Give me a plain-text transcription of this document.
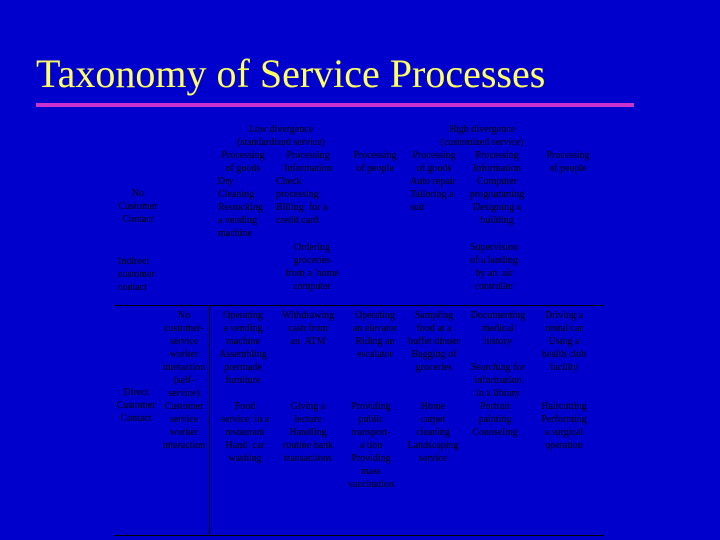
Taxonomy of Service Processes
Low divergence
(standardized service)
High divergence
(customized service)
Processing
of goods
Processing
Information
Processing
of people
Processing
of goods
Processing
Information
Processing
of people
No
Customer
Contact
Indirect
customer
contact
Direct
Customer
Contact
No
customer-
service
worker
interaction
(self-
service)
Customer
service
worker
interaction
Dry
Cleaning
Restocking
a vending
machine
Check
processing
Billing  for a
credit card
Auto repair
Tailoring a
suit
Computer
programming
Designing a
building
Ordering
groceries
from a  home
computer
Supervision
of a landing
by an  air
controller
Operating
a vending
machine
Assembling
prermade
furniture
Withdrawing
cash from
an  ATM
Operating
an elevator
Riding an
escalator
Sampling
food at a
buffet dinner
Bagging of
groceries
Documenting
medical
history

Searching for
information
in a library
Driving a
rental car
Using a
health club
facility
Food
service  in a
restaurant
Hand  car
washing
Giving a
lecture
Handling
routine bank
transactions
Providing
public
transport-
a tion
Providing
mass
vaccination
Home
carpet
cleaning
Landscaping
service
Portrait
painting
Counseling
Haircutting
Performing
a surgical
operation
